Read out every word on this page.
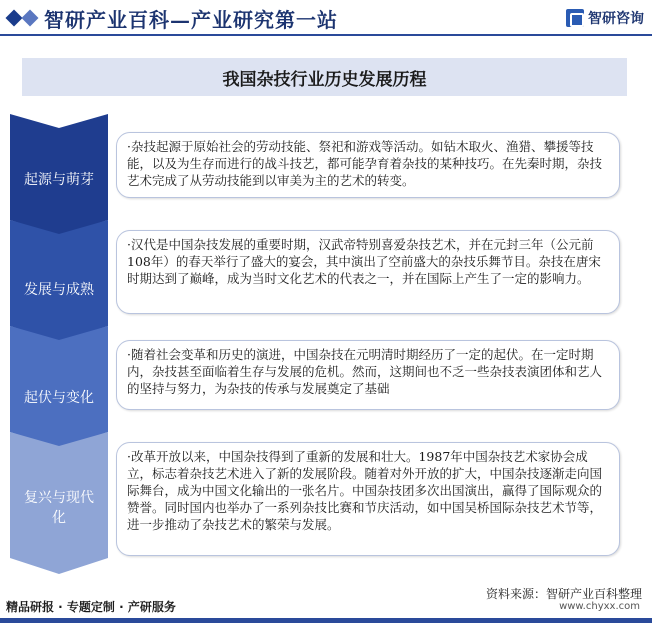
智研产业百科—产业研究第一站	智研咨询
我国杂技行业历史发展历程
起源与萌芽

·杂技起源于原始社会的劳动技能、祭祀和游戏等活动。如钻木取火、渔猎、攀援等技能，以及为生存而进行的战斗技艺，都可能孕育着杂技的某种技巧。在先秦时期，杂技艺术完成了从劳动技能到以审美为主的艺术的转变。

发展与成熟

·汉代是中国杂技发展的重要时期，汉武帝特别喜爱杂技艺术，并在元封三年（公元前108年）的春天举行了盛大的宴会，其中演出了空前盛大的杂技乐舞节目。杂技在唐宋时期达到了巅峰，成为当时文化艺术的代表之一，并在国际上产生了一定的影响力。

起伏与变化

·随着社会变革和历史的演进，中国杂技在元明清时期经历了一定的起伏。在一定时期内，杂技甚至面临着生存与发展的危机。然而，这期间也不乏一些杂技表演团体和艺人的坚持与努力，为杂技的传承与发展奠定了基础

复兴与现代化

·改革开放以来，中国杂技得到了重新的发展和壮大。1987年中国杂技艺术家协会成立，标志着杂技艺术进入了新的发展阶段。随着对外开放的扩大，中国杂技逐渐走向国际舞台，成为中国文化输出的一张名片。中国杂技团多次出国演出，赢得了国际观众的赞誉。同时国内也举办了一系列杂技比赛和节庆活动，如中国吴桥国际杂技艺术节等，进一步推动了杂技艺术的繁荣与发展。

资料来源：智研产业百科整理
www.chyxx.com
精品研报 · 专题定制 · 产研服务
